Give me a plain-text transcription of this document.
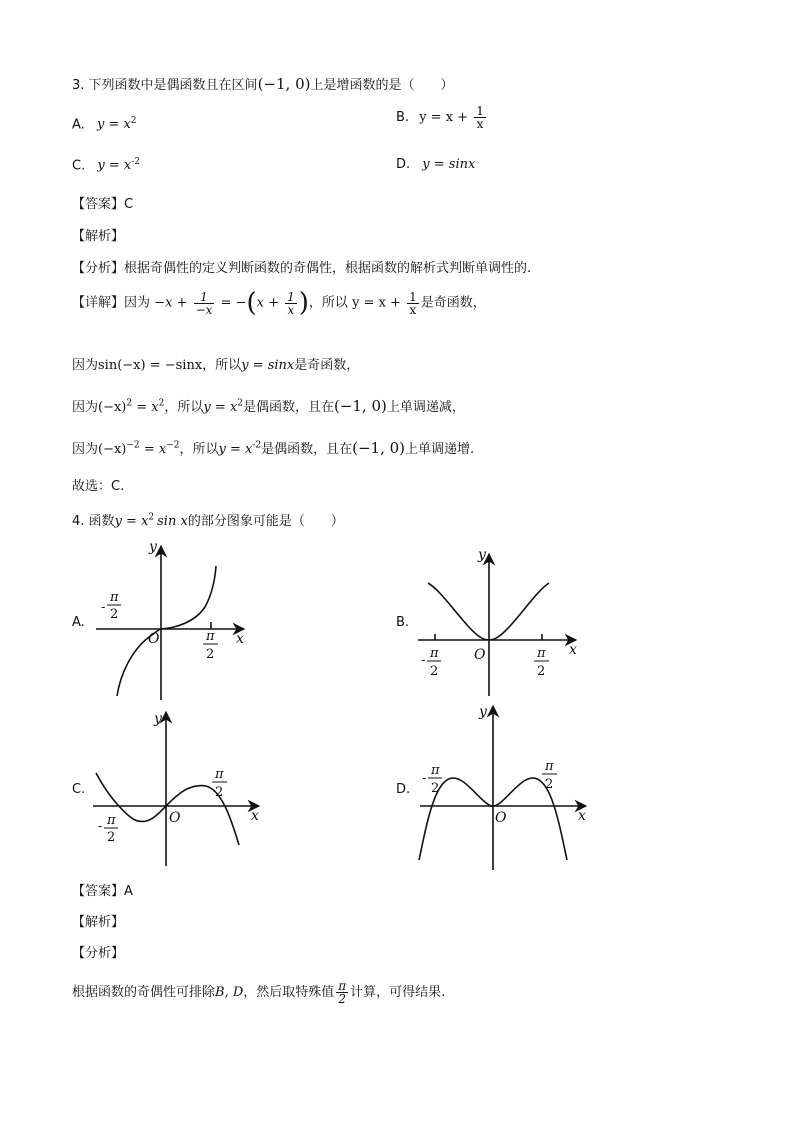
3. 下列函数中是偶函数且在区间(−1, 0)上是增函数的是（　　）
A. $y = x^2$	B. $y = x + \frac{1}{x}$
C. $y = x^{-2}$	D. y = sinx
【答案】C
【解析】
【分析】根据奇偶性的定义判断函数的奇偶性，根据函数的解析式判断单调性的.
【详解】因为 $-x + \frac{1}{-x} = -(x + \frac{1}{x}$ )，所以 $y = x + \frac{1}{x}$ 是奇函数，
因为sin(−x) = −sinx，所以y = sinx是奇函数，
因为$(-x)^2 = x^2$，所以$y = x^2$是偶函数，且在(−1, 0)上单调递减，
因为$(-x)^{-2} = x^{-2}$，所以$y = x^{-2}$是偶函数，且在(−1, 0)上单调递增.
故选：C.
4. 函数$y = x^2$ sin x的部分图象可能是（　　）
A.	B.
C.	D.
y
x
O
-
π
2
π
2
y
x
O
- π
2
π
2
y
x
O
- π
2
π
2
y
x
O
-
π
2
π
2
【答案】A
【解析】
【分析】
根据函数的奇偶性可排除B, D，然后取特殊值 $\frac{\pi}{2}$ 计算，可得结果.
